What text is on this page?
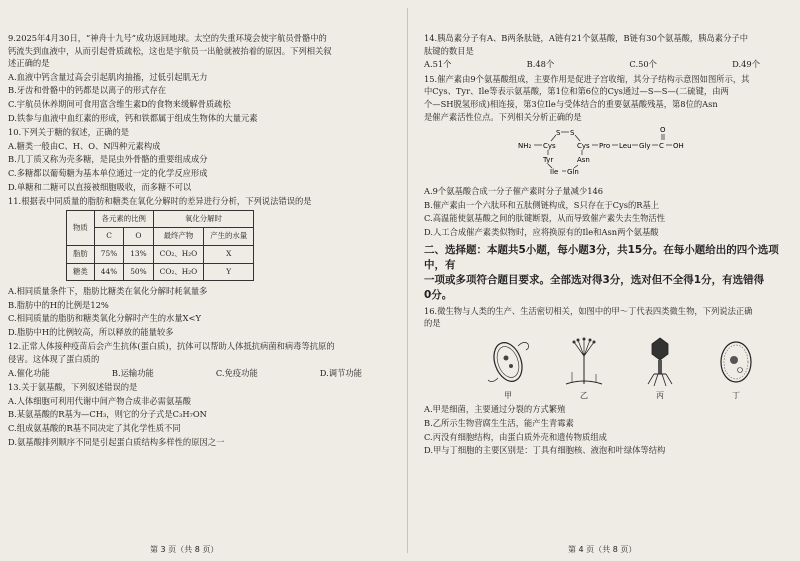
9.2025年4月30日，“神舟十九号”成功返回地球。太空的失重环境会使宇航员骨骼中的

钙流失到血液中，从而引起骨质疏松，这也是宇航员一出舱就被抬着的原因。下列相关叙

述正确的是

A.血液中钙含量过高会引起肌肉抽搐，过低引起肌无力

B.牙齿和骨骼中的钙都是以离子的形式存在

C.宇航员休养期间可食用富含维生素D的食物来缓解骨质疏松

D.铁参与血液中血红素的形成，钙和铁都属于组成生物体的大量元素

10.下列关于糖的叙述，正确的是

A.糖类一般由C、H、O、N四种元素构成

B.几丁质又称为壳多糖，是昆虫外骨骼的重要组成成分

C.多糖都以葡萄糖为基本单位通过一定的化学反应形成

D.单糖和二糖可以直接被细胞吸收，而多糖不可以

11.根据表中同质量的脂肪和糖类在氧化分解时的差异进行分析，下列说法错误的是

物质	各元素的比例		氧化分解时	
	C	O	最终产物	产生的水量
脂肪	75%	13%	CO₂、H₂O	X
糖类	44%	50%	CO₂、H₂O	Y

A.相同质量条件下，脂肪比糖类在氧化分解时耗氧量多

B.脂肪中的H的比例是12%

C.相同质量的脂肪和糖类氧化分解时产生的水量X<Y

D.脂肪中H的比例较高，所以释放的能量较多

12.正常人体接种疫苗后会产生抗体(蛋白质)，抗体可以帮助人体抵抗病菌和病毒等抗原的

侵害。这体现了蛋白质的

A.催化功能	B.运输功能	C.免疫功能	D.调节功能

13.关于氨基酸，下列叙述错误的是

A.人体细胞可利用代谢中间产物合成非必需氨基酸

B.某氨基酸的R基为—CH₃，则它的分子式是C₃H₇ON

C.组成氨基酸的R基不同决定了其化学性质不同

D.氨基酸排列顺序不同是引起蛋白质结构多样性的原因之一

14.胰岛素分子有A、B两条肽链，A链有21个氨基酸，B链有30个氨基酸，胰岛素分子中

肽键的数目是

A.51个	B.48个	C.50个	D.49个

15.催产素由9个氨基酸组成，主要作用是促进子宫收缩，其分子结构示意图如图所示，其

中Cys、Tyr、Ile等表示氨基酸，第1位和第6位的Cys通过—S—S—(二硫键，由两

个—SH脱氢形成)相连接，第3位Ile与受体结合的重要氨基酸残基，第8位的Asn

是催产素活性位点。下列相关分析正确的是

NH₂ Cys
S S
Cys Pro Leu Gly C
O
OH
Tyr
Ile Gln
Asn

A.9个氨基酸合成一分子催产素时分子量减少146

B.催产素由一个六肽环和五肽侧链构成，S只存在于Cys的R基上

C.高温能使氨基酸之间的肽键断裂，从而导致催产素失去生物活性

D.人工合成催产素类似物时，应将换原有的Ile和Asn两个氨基酸

二、选择题：本题共5小题，每小题3分，共15分。在每小题给出的四个选项中，有

一项或多项符合题目要求。全部选对得3分，选对但不全得1分，有选错得

0分。

16.微生物与人类的生产、生活密切相关，如图中的甲～丁代表四类微生物，下列说法正确

的是

甲	乙	丙	丁

A.甲是细菌，主要通过分裂的方式繁殖

B.乙所示生物营腐生生活，能产生青霉素

C.丙没有细胞结构，由蛋白质外壳和遗传物质组成

D.甲与丁细胞的主要区别是：丁具有细胞核、液泡和叶绿体等结构

第 3 页（共 8 页）	第 4 页（共 8 页）
